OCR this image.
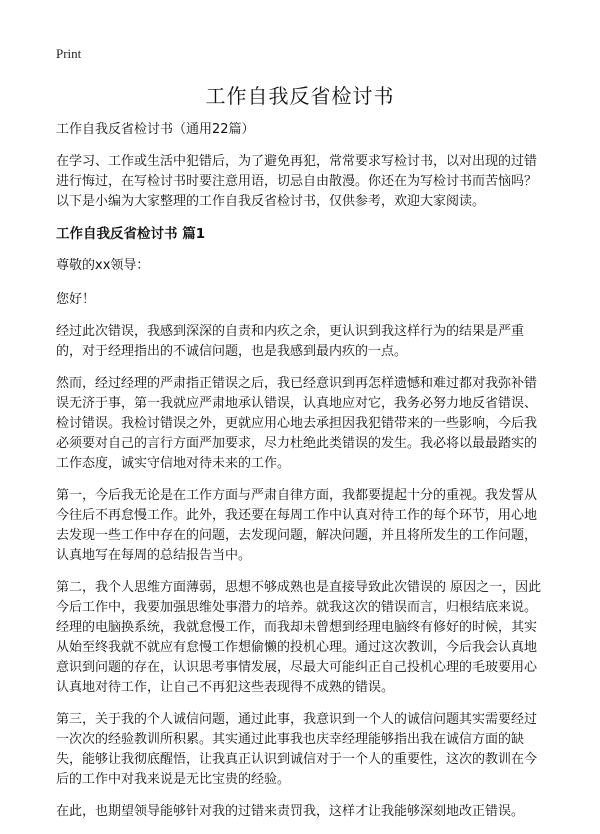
Print
工作自我反省检讨书

工作自我反省检讨书（通用22篇）

在学习、工作或生活中犯错后，为了避免再犯，常常要求写检讨书，以对出现的过错进行悔过，在写检讨书时要注意用语，切忌自由散漫。你还在为写检讨书而苦恼吗？以下是小编为大家整理的工作自我反省检讨书，仅供参考，欢迎大家阅读。

工作自我反省检讨书 篇1

尊敬的xx领导：

您好！

经过此次错误，我感到深深的自责和内疚之余，更认识到我这样行为的结果是严重的，对于经理指出的不诚信问题，也是我感到最内疚的一点。

然而，经过经理的严肃指正错误之后，我已经意识到再怎样遗憾和难过都对我弥补错误无济于事，第一我就应严肃地承认错误，认真地应对它，我务必努力地反省错误、检讨错误。我检讨错误之外，更就应用心地去承担因我犯错带来的一些影响，今后我必须要对自己的言行方面严加要求，尽力杜绝此类错误的发生。我必将以最最踏实的工作态度，诚实守信地对待未来的工作。

第一，今后我无论是在工作方面与严肃自律方面，我都要提起十分的重视。我发誓从今往后不再怠慢工作。此外，我还要在每周工作中认真对待工作的每个环节，用心地去发现一些工作中存在的问题，去发现问题，解决问题，并且将所发生的工作问题，认真地写在每周的总结报告当中。

第二，我个人思维方面薄弱，思想不够成熟也是直接导致此次错误的 原因之一，因此今后工作中，我要加强思维处事潜力的培养。就我这次的错误而言，归根结底来说。经理的电脑换系统，我就怠慢工作，而我却未曾想到经理电脑终有修好的时候，其实从始至终我就不就应有怠慢工作想偷懒的投机心理。通过这次教训，今后我会认真地意识到问题的存在，认识思考事情发展，尽最大可能纠正自己投机心理的毛玻要用心认真地对待工作，让自己不再犯这些表现得不成熟的错误。

第三，关于我的个人诚信问题，通过此事，我意识到一个人的诚信问题其实需要经过一次次的经验教训所积累。其实通过此事我也庆幸经理能够指出我在诚信方面的缺失，能够让我彻底醒悟，让我真正认识到诚信对于一个人的重要性，这次的教训在今后的工作中对我来说是无比宝贵的经验。

在此，也期望领导能够针对我的过错来责罚我，这样才让我能够深刻地改正错误。
